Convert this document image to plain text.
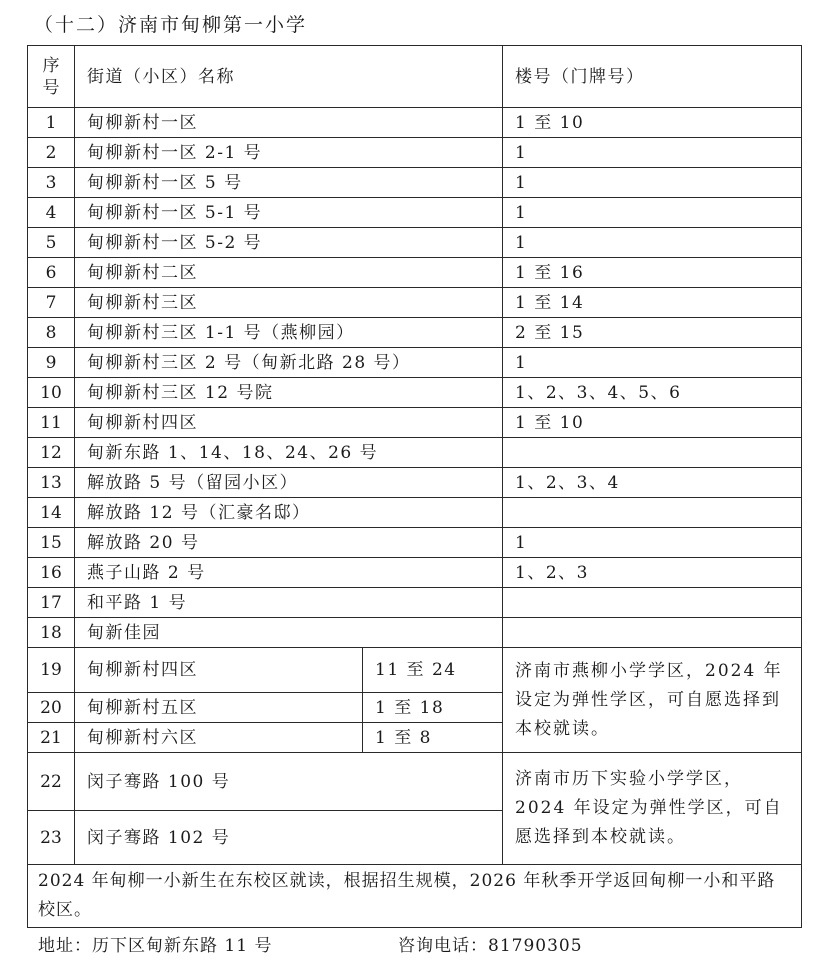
（十二）济南市甸柳第一小学
序号	街道（小区）名称		楼号（门牌号）
1	甸柳新村一区		1 至 10
2	甸柳新村一区 2-1 号		1
3	甸柳新村一区 5 号		1
4	甸柳新村一区 5-1 号		1
5	甸柳新村一区 5-2 号		1
6	甸柳新村二区		1 至 16
7	甸柳新村三区		1 至 14
8	甸柳新村三区 1-1 号（燕柳园）		2 至 15
9	甸柳新村三区 2 号（甸新北路 28 号）		1
10	甸柳新村三区 12 号院		1、2、3、4、5、6
11	甸柳新村四区		1 至 10
12	甸新东路 1、14、18、24、26 号		
13	解放路 5 号（留园小区）		1、2、3、4
14	解放路 12 号（汇豪名邸）		
15	解放路 20 号		1
16	燕子山路 2 号		1、2、3
17	和平路 1 号		
18	甸新佳园		
19	甸柳新村四区	11 至 24	济南市燕柳小学学区，2024 年设定为弹性学区，可自愿选择到本校就读。
20	甸柳新村五区	1 至 18	
21	甸柳新村六区	1 至 8	
22	闵子骞路 100 号		济南市历下实验小学学区，2024 年设定为弹性学区，可自愿选择到本校就读。
23	闵子骞路 102 号		
2024 年甸柳一小新生在东校区就读，根据招生规模，2026 年秋季开学返回甸柳一小和平路校区。			
地址：历下区甸新东路 11 号	咨询电话：81790305
